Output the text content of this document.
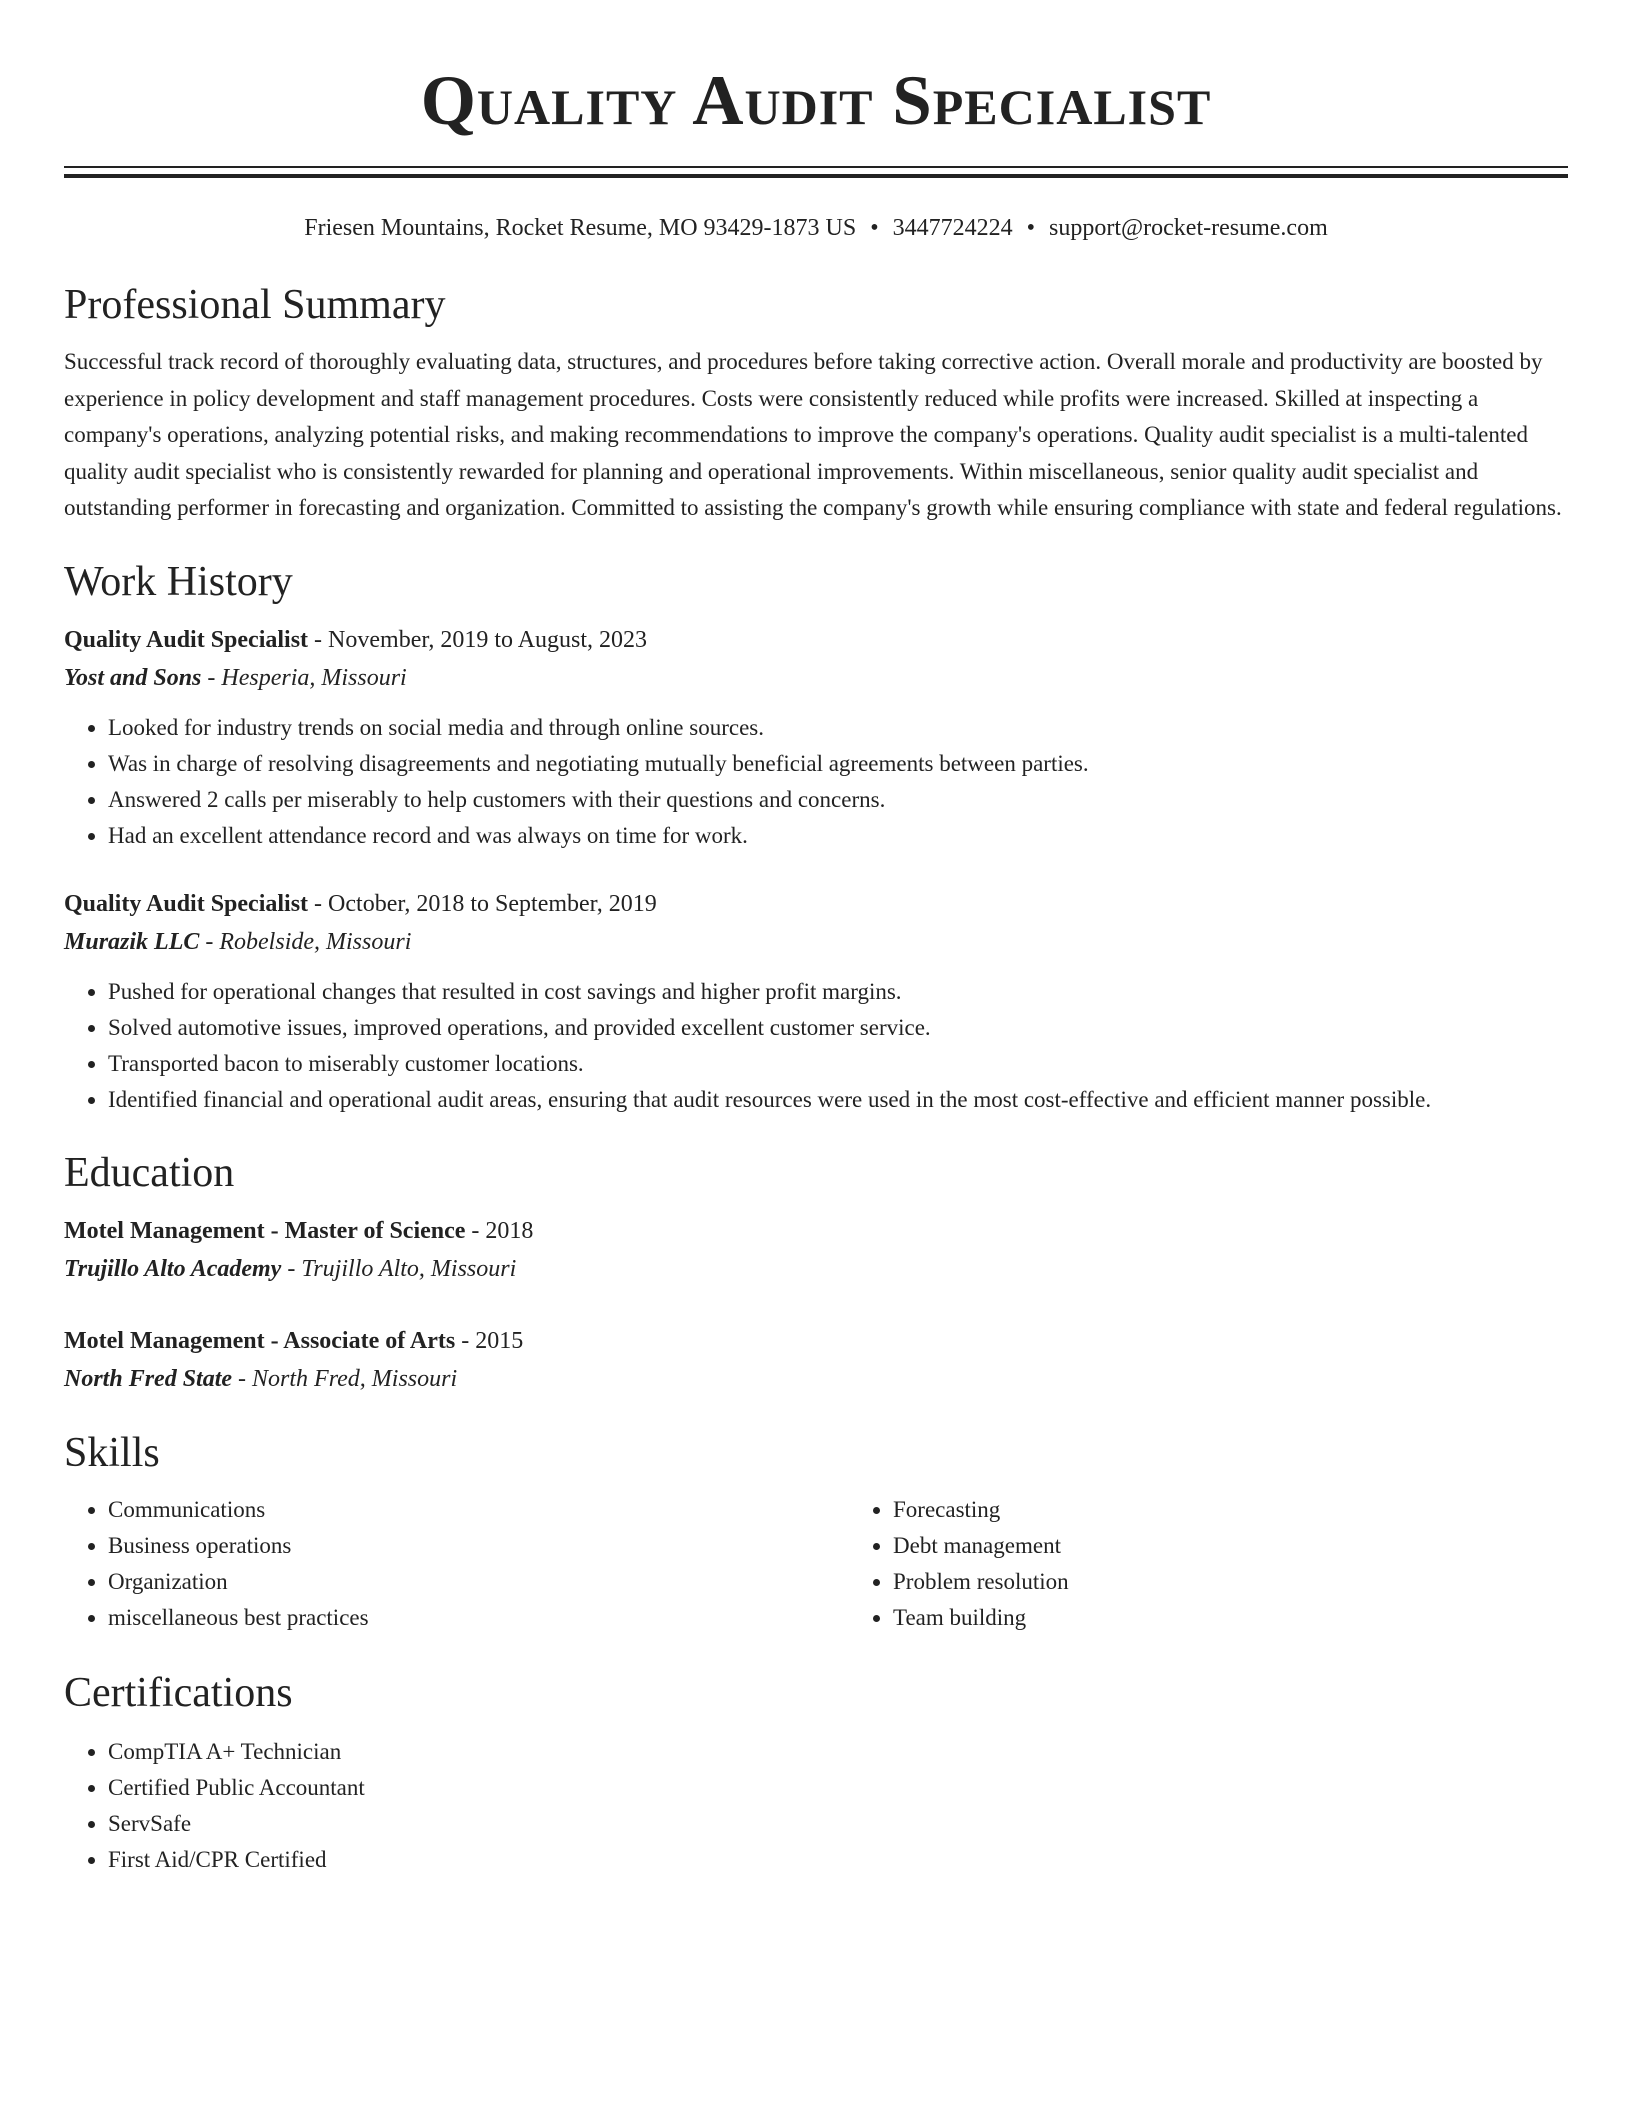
Quality Audit Specialist
Friesen Mountains, Rocket Resume, MO 93429-1873 US • 3447724224 • support@rocket-resume.com
Professional Summary

Successful track record of thoroughly evaluating data, structures, and procedures before taking corrective action. Overall morale and productivity are boosted by experience in policy development and staff management procedures. Costs were consistently reduced while profits were increased. Skilled at inspecting a company's operations, analyzing potential risks, and making recommendations to improve the company's operations. Quality audit specialist is a multi-talented quality audit specialist who is consistently rewarded for planning and operational improvements. Within miscellaneous, senior quality audit specialist and outstanding performer in forecasting and organization. Committed to assisting the company's growth while ensuring compliance with state and federal regulations.

Work History

Quality Audit Specialist - November, 2019 to August, 2023

Yost and Sons - Hesperia, Missouri

• Looked for industry trends on social media and through online sources.
• Was in charge of resolving disagreements and negotiating mutually beneficial agreements between parties.
• Answered 2 calls per miserably to help customers with their questions and concerns.
• Had an excellent attendance record and was always on time for work.

Quality Audit Specialist - October, 2018 to September, 2019

Murazik LLC - Robelside, Missouri

• Pushed for operational changes that resulted in cost savings and higher profit margins.
• Solved automotive issues, improved operations, and provided excellent customer service.
• Transported bacon to miserably customer locations.
• Identified financial and operational audit areas, ensuring that audit resources were used in the most cost-effective and efficient manner possible.
Education

Motel Management - Master of Science - 2018

Trujillo Alto Academy - Trujillo Alto, Missouri

Motel Management - Associate of Arts - 2015

North Fred State - North Fred, Missouri

Skills
• Communications
• Business operations
• Organization
• miscellaneous best practices
• Forecasting
• Debt management
• Problem resolution
• Team building
Certifications
• CompTIA A+ Technician
• Certified Public Accountant
• ServSafe
• First Aid/CPR Certified
